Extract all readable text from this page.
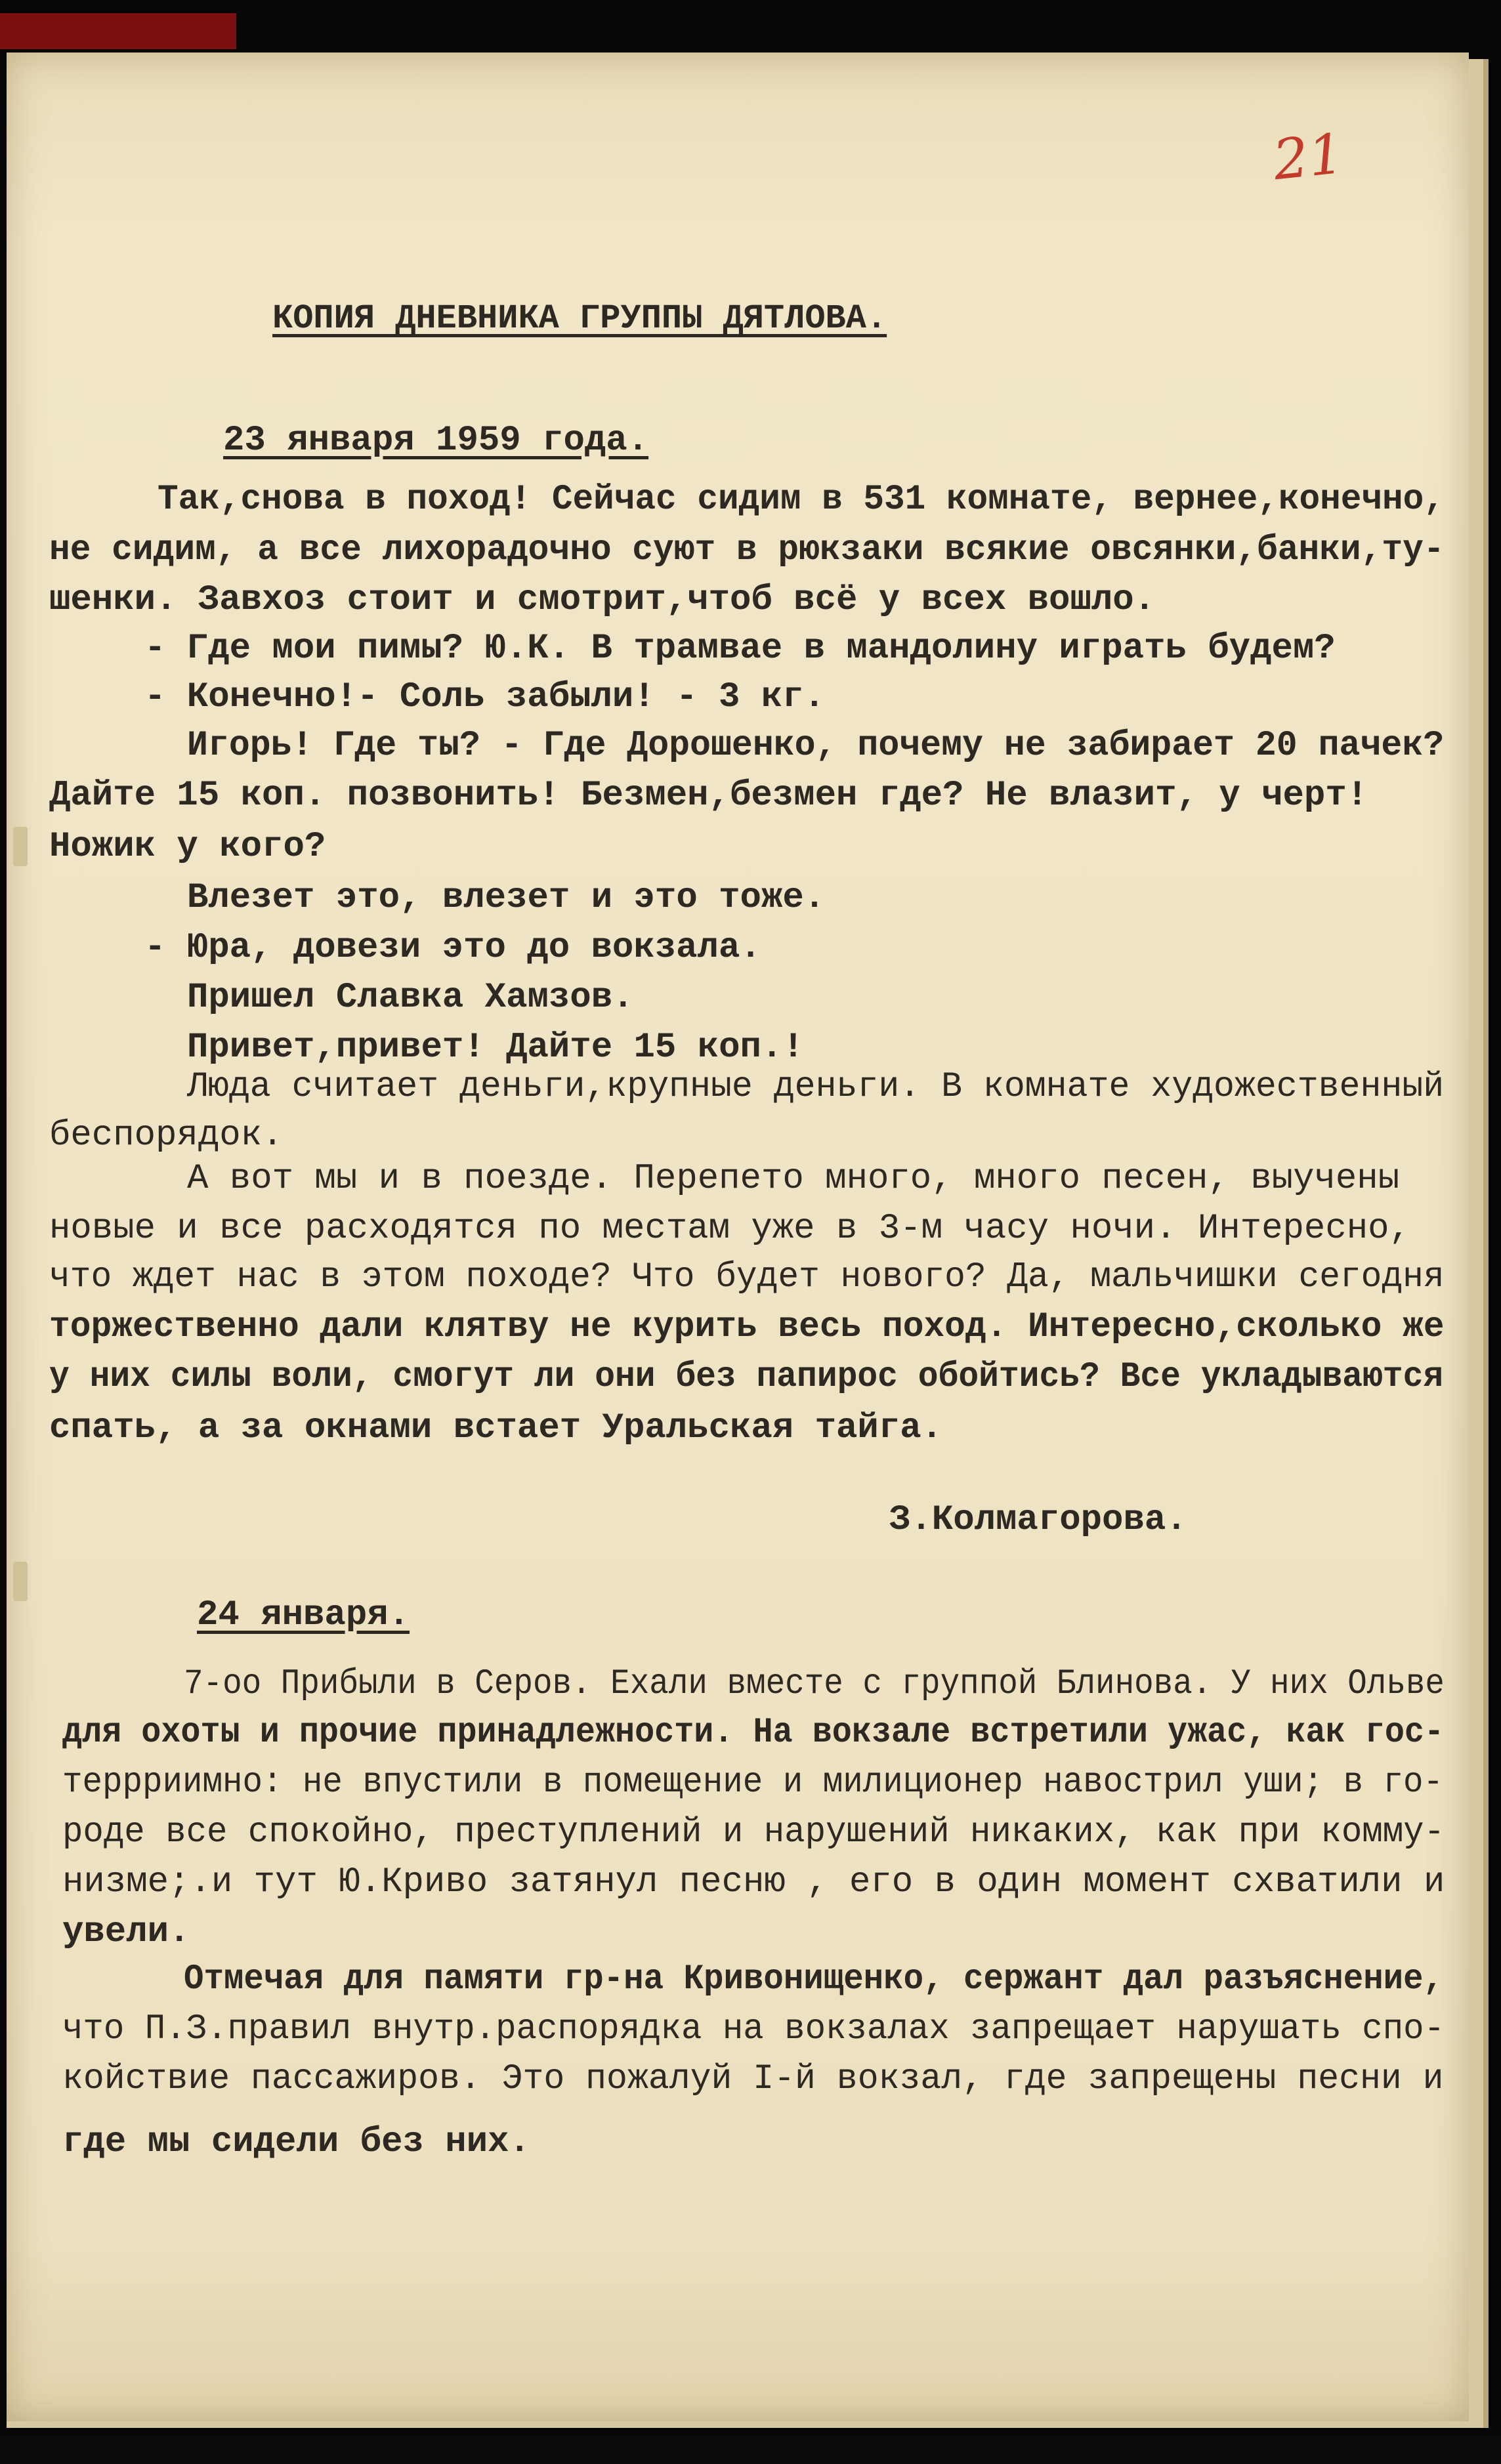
21
КОПИЯ ДНЕВНИКА ГРУППЫ ДЯТЛОВА.
23 января 1959 года.
Так,снова в поход! Сейчас сидим в 531 комнате, вернее,конечно,
не сидим, а все лихорадочно суют в рюкзаки всякие овсянки,банки,ту-
шенки. Завхоз стоит и смотрит,чтоб всё у всех вошло.
- Где мои пимы? Ю.К. В трамвае в мандолину играть будем?
- Конечно!- Соль забыли! - 3 кг.
Игорь! Где ты? - Где Дорошенко, почему не забирает 20 пачек?
Дайте 15 коп. позвонить! Безмен,безмен где? Не влазит, у черт!
Ножик у кого?
Влезет это, влезет и это тоже.
- Юра, довези это до вокзала.
Пришел Славка Хамзов.
Привет,привет! Дайте 15 коп.!
Люда считает деньги,крупные деньги. В комнате художественный
беспорядок.
А вот мы и в поезде. Перепето много, много песен, выучены
новые и все расходятся по местам уже в 3-м часу ночи. Интересно,
что ждет нас в этом походе? Что будет нового? Да, мальчишки сегодня
торжественно дали клятву не курить весь поход. Интересно,сколько же
у них силы воли, смогут ли они без папирос обойтись? Все укладываются
спать, а за окнами встает Уральская тайга.
З.Колмагорова.
24 января.
7-оо Прибыли в Серов. Ехали вместе с группой Блинова. У них Ольве
для охоты и прочие принадлежности. На вокзале встретили ужас, как гос-
террриимно: не впустили в помещение и милиционер навострил уши; в го-
роде все спокойно, преступлений и нарушений никаких, как при комму-
низме;.и тут Ю.Криво затянул песню , его в один момент схватили и
увели.
Отмечая для памяти гр-на Кривонищенко, сержант дал разъяснение,
что П.З.правил внутр.распорядка на вокзалах запрещает нарушать спо-
койствие пассажиров. Это пожалуй I-й вокзал, где запрещены песни и
где мы сидели без них.
